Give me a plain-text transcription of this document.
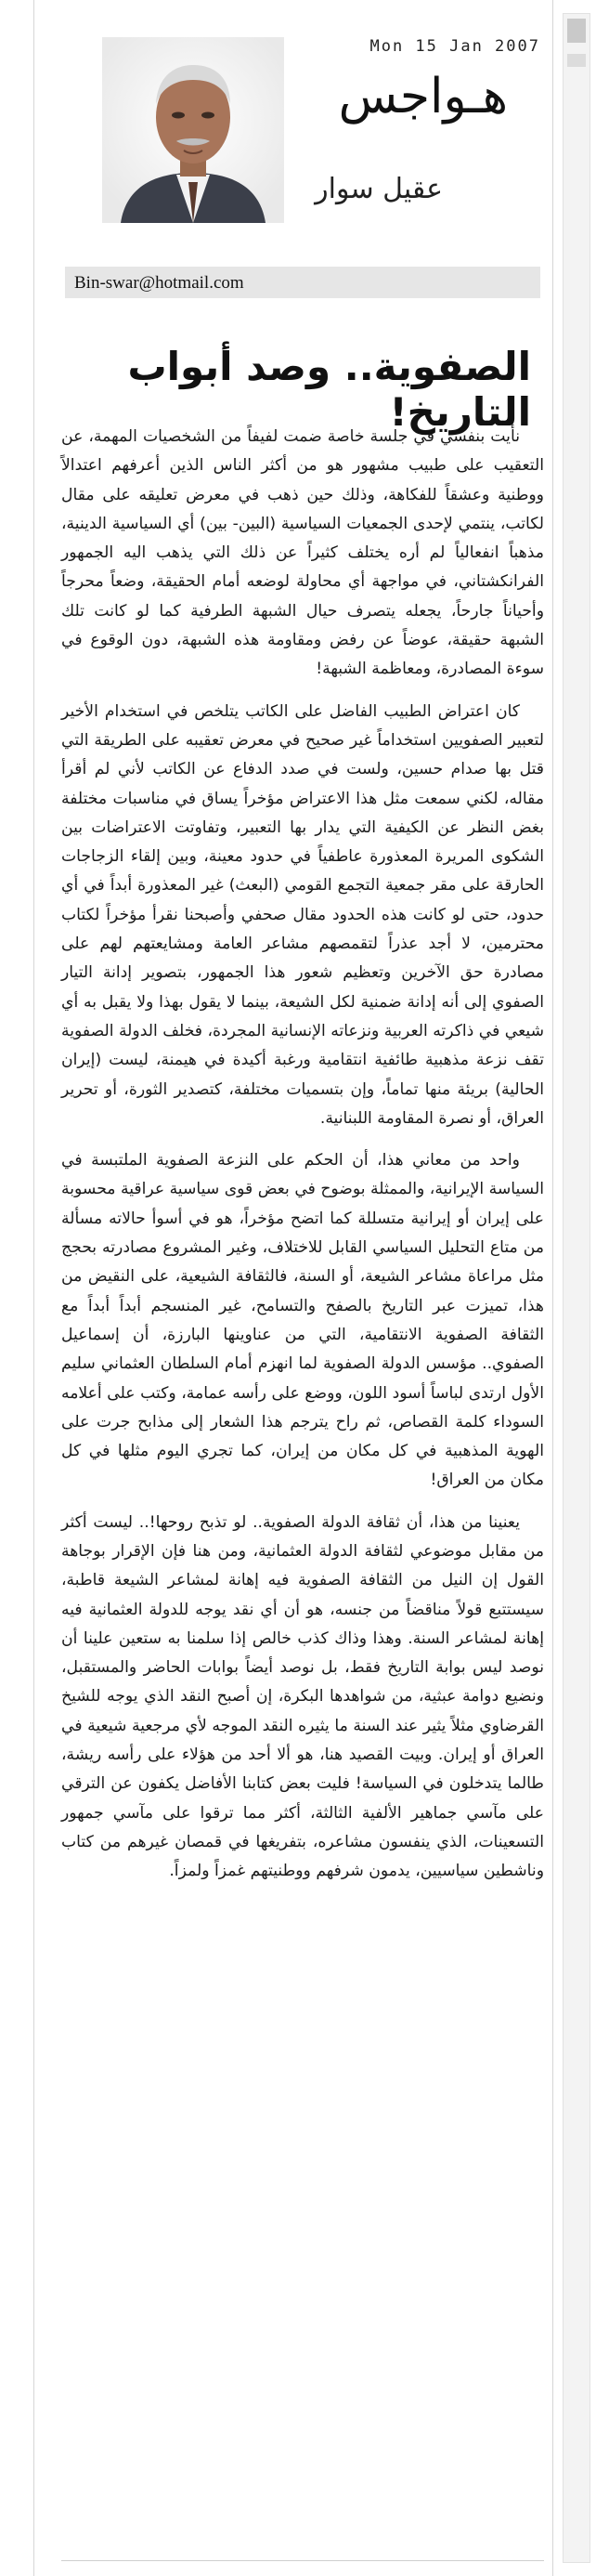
Mon 15 Jan 2007
هـواجس
عقيل سوار
Bin-swar@hotmail.com
الصفوية.. وصد أبواب التاريخ!

نأيت بنفسي في جلسة خاصة ضمت لفيفاً من الشخصيات المهمة، عن التعقيب على طبيب مشهور هو من أكثر الناس الذين أعرفهم اعتدالاً ووطنية وعشقاً للفكاهة، وذلك حين ذهب في معرض تعليقه على مقال لكاتب، ينتمي لإحدى الجمعيات السياسية (البين- بين) أي السياسية الدينية، مذهباً انفعالياً لم أره يختلف كثيراً عن ذلك التي يذهب اليه الجمهور الفرانكشتاني، في مواجهة أي محاولة لوضعه أمام الحقيقة، وضعاً محرجاً وأحياناً جارحاً، يجعله يتصرف حيال الشبهة الطرفية كما لو كانت تلك الشبهة حقيقة، عوضاً عن رفض ومقاومة هذه الشبهة، دون الوقوع في سوءة المصادرة، ومعاظمة الشبهة!

كان اعتراض الطبيب الفاضل على الكاتب يتلخص في استخدام الأخير لتعبير الصفويين استخداماً غير صحيح في معرض تعقيبه على الطريقة التي قتل بها صدام حسين، ولست في صدد الدفاع عن الكاتب لأني لم أقرأ مقاله، لكني سمعت مثل هذا الاعتراض مؤخراً يساق في مناسبات مختلفة بغض النظر عن الكيفية التي يدار بها التعبير، وتفاوتت الاعتراضات بين الشكوى المريرة المعذورة عاطفياً في حدود معينة، وبين إلقاء الزجاجات الحارقة على مقر جمعية التجمع القومي (البعث) غير المعذورة أبداً في أي حدود، حتى لو كانت هذه الحدود مقال صحفي وأصبحنا نقرأ مؤخراً لكتاب محترمين، لا أجد عذراً لتقمصهم مشاعر العامة ومشايعتهم لهم على مصادرة حق الآخرين وتعظيم شعور هذا الجمهور، بتصوير إدانة التيار الصفوي إلى أنه إدانة ضمنية لكل الشيعة، بينما لا يقول بهذا ولا يقبل به أي شيعي في ذاكرته العربية ونزعاته الإنسانية المجردة، فخلف الدولة الصفوية تقف نزعة مذهبية طائفية انتقامية ورغبة أكيدة في هيمنة، ليست (إيران الحالية) بريئة منها تماماً، وإن بتسميات مختلفة، كتصدير الثورة، أو تحرير العراق، أو نصرة المقاومة اللبنانية.

واحد من معاني هذا، أن الحكم على النزعة الصفوية الملتبسة في السياسة الإيرانية، والممثلة بوضوح في بعض قوى سياسية عراقية محسوبة على إيران أو إيرانية متسللة كما اتضح مؤخراً، هو في أسوأ حالاته مسألة من متاع التحليل السياسي القابل للاختلاف، وغير المشروع مصادرته بحجج مثل مراعاة مشاعر الشيعة، أو السنة، فالثقافة الشيعية، على النقيض من هذا، تميزت عبر التاريخ بالصفح والتسامح، غير المنسجم أبداً أبداً مع الثقافة الصفوية الانتقامية، التي من عناوينها البارزة، أن إسماعيل الصفوي.. مؤسس الدولة الصفوية لما انهزم أمام السلطان العثماني سليم الأول ارتدى لباساً أسود اللون، ووضع على رأسه عمامة، وكتب على أعلامه السوداء كلمة القصاص، ثم راح يترجم هذا الشعار إلى مذابح جرت على الهوية المذهبية في كل مكان من إيران، كما تجري اليوم مثلها في كل مكان من العراق!

يعنينا من هذا، أن ثقافة الدولة الصفوية.. لو تذبح روحها!.. ليست أكثر من مقابل موضوعي لثقافة الدولة العثمانية، ومن هنا فإن الإقرار بوجاهة القول إن النيل من الثقافة الصفوية فيه إهانة لمشاعر الشيعة قاطبة، سيستتبع قولاً مناقضاً من جنسه، هو أن أي نقد يوجه للدولة العثمانية فيه إهانة لمشاعر السنة. وهذا وذاك كذب خالص إذا سلمنا به ستعين علينا أن نوصد ليس بوابة التاريخ فقط، بل نوصد أيضاً بوابات الحاضر والمستقبل، ونضيع دوامة عبثية، من شواهدها البكرة، إن أصبح النقد الذي يوجه للشيخ القرضاوي مثلاً يثير عند السنة ما يثيره النقد الموجه لأي مرجعية شيعية في العراق أو إيران. وبيت القصيد هنا، هو ألا أحد من هؤلاء على رأسه ريشة، طالما يتدخلون في السياسة! فليت بعض كتابنا الأفاضل يكفون عن الترقي على مآسي جماهير الألفية الثالثة، أكثر مما ترقوا على مآسي جمهور التسعينات، الذي ينفسون مشاعره، بتفريغها في قمصان غيرهم من كتاب وناشطين سياسيين، يدمون شرفهم ووطنيتهم غمزاً ولمزاً.
